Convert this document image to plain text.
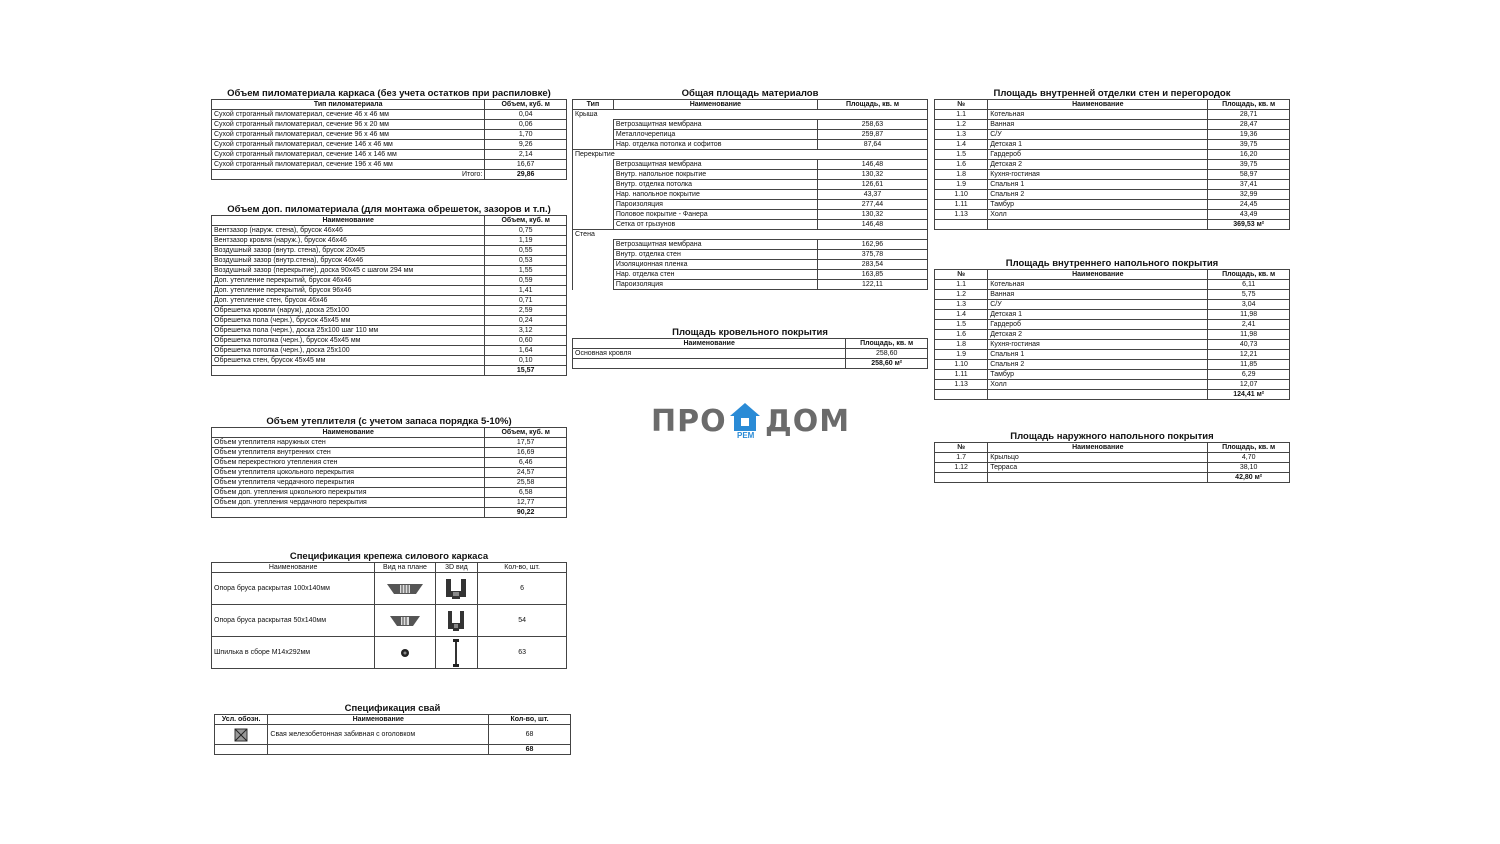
Объем пиломатериала каркаса (без учета остатков при распиловке)
Тип пиломатериала	Объем, куб. м
Сухой строганный пиломатериал, сечение 46 х 46 мм	0,04
Сухой строганный пиломатериал, сечение 96 х 20 мм	0,06
Сухой строганный пиломатериал, сечение 96 х 46 мм	1,70
Сухой строганный пиломатериал, сечение 146 х 46 мм	9,26
Сухой строганный пиломатериал, сечение 146 х 146 мм	2,14
Сухой строганный пиломатериал, сечение 196 х 46 мм	16,67
Итого:	29,86
Объем доп. пиломатериала (для монтажа обрешеток, зазоров и т.п.)
Наименование	Объем, куб. м
Вентзазор (наруж. стена), брусок 46х46	0,75
Вентзазор кровля (наруж.), брусок 46х46	1,19
Воздушный зазор (внутр. стена), брусок 20х45	0,55
Воздушный зазор (внутр.стена), брусок 46х46	0,53
Воздушный зазор (перекрытие), доска 90х45 с шагом 294 мм	1,55
Доп. утепление перекрытий, брусок 46х46	0,59
Доп. утепление перекрытий, брусок 96х46	1,41
Доп. утепление стен, брусок 46х46	0,71
Обрешетка кровли (наруж), доска 25х100	2,59
Обрешетка пола (черн.), брусок 45х45 мм	0,24
Обрешетка пола (черн.), доска 25х100 шаг 110 мм	3,12
Обрешетка потолка (черн.), брусок 45х45 мм	0,60
Обрешетка потолка (черн.), доска 25х100	1,64
Обрешетка стен, брусок 45х45 мм	0,10
	15,57
Объем утеплителя (с учетом запаса порядка 5-10%)
Наименование	Объем, куб. м
Объем утеплителя наружных стен	17,57
Объем утеплителя внутренних стен	16,69
Объем перекрестного утепления стен	6,46
Объем утеплителя цокольного перекрытия	24,57
Объем утеплителя чердачного перекрытия	25,58
Объем доп. утепления цокольного перекрытия	6,58
Объем доп. утепления чердачного перекрытия	12,77
	90,22
Спецификация крепежа силового каркаса
Наименование	Вид на плане	3D вид	Кол-во, шт.
Опора бруса раскрытая 100х140мм			6
Опора бруса раскрытая 50х140мм			54
Шпилька в сборе М14х292мм			63
Спецификация свай
Усл. обозн.	Наименование	Кол-во, шт.

	Свая железобетонная забивная с оголовком	68
		68
Общая площадь материалов
Тип	Наименование	Площадь, кв. м
Крыша		
	Ветрозащитная мембрана	258,63
	Металлочерепица	259,87
	Нар. отделка потолка и софитов	87,64
Перекрытие		
	Ветрозащитная мембрана	146,48
	Внутр. напольное покрытие	130,32
	Внутр. отделка потолка	126,61
	Нар. напольное покрытие	43,37
	Пароизоляция	277,44
	Половое покрытие - Фанера	130,32
	Сетка от грызунов	146,48
Стена		
	Ветрозащитная мембрана	162,96
	Внутр. отделка стен	375,78
	Изоляционная пленка	283,54
	Нар. отделка стен	163,85
	Пароизоляция	122,11
Площадь кровельного покрытия
Наименование	Площадь, кв. м
Основная кровля	258,60
	258,60 м²
ПРО РЕМ ДОМ
Площадь внутренней отделки стен и перегородок
№	Наименование	Площадь, кв. м
1.1	Котельная	28,71
1.2	Ванная	28,47
1.3	С/У	19,36
1.4	Детская 1	39,75
1.5	Гардероб	16,20
1.6	Детская 2	39,75
1.8	Кухня-гостиная	58,97
1.9	Спальня 1	37,41
1.10	Спальня 2	32,99
1.11	Тамбур	24,45
1.13	Холл	43,49
		369,53 м²
Площадь внутреннего напольного покрытия
№	Наименование	Площадь, кв. м
1.1	Котельная	6,11
1.2	Ванная	5,75
1.3	С/У	3,04
1.4	Детская 1	11,98
1.5	Гардероб	2,41
1.6	Детская 2	11,98
1.8	Кухня-гостиная	40,73
1.9	Спальня 1	12,21
1.10	Спальня 2	11,85
1.11	Тамбур	6,29
1.13	Холл	12,07
		124,41 м²
Площадь наружного напольного покрытия
№	Наименование	Площадь, кв. м
1.7	Крыльцо	4,70
1.12	Терраса	38,10
		42,80 м²
